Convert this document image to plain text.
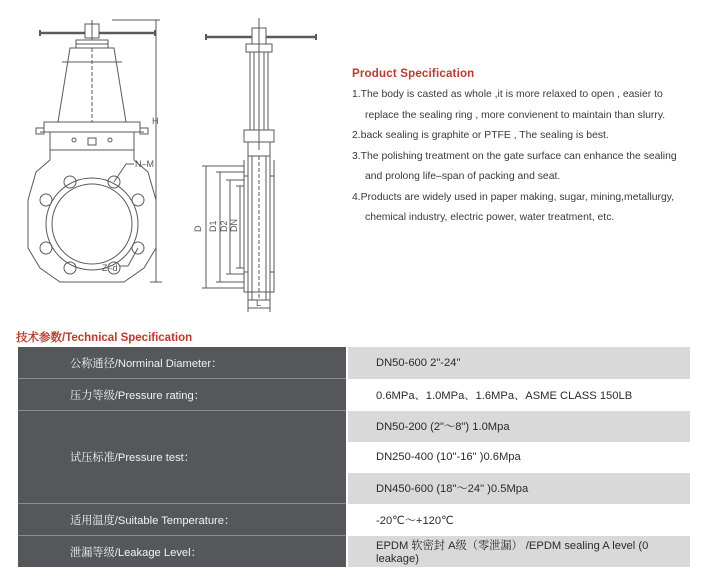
H
N–M
Z–d
D D1 D2 DN
L
Product Specification
1.The body is casted as whole ,it is more relaxed to open , easier to
replace the sealing ring , more convienent to maintain than slurry.
2.back sealing is graphite or PTFE , The sealing is best.
3.The polishing treatment on the gate surface can enhance the sealing
and prolong life–span of packing and seat.
4.Products are widely used in paper making, sugar, mining,metallurgy,
chemical industry, electric power, water treatment, etc.
技术参数/Technical Specification
公称通径/Norminal Diameter：	DN50-600 2"-24"
压力等级/Pressure rating：	0.6MPa、1.0MPa、1.6MPa、ASME CLASS 150LB
试压标准/Pressure test：	DN50-200 (2"～8") 1.0Mpa
	DN250-400 (10"-16" )0.6Mpa
	DN450-600 (18"～24" )0.5Mpa
适用温度/Suitable Temperature：	-20℃～+120℃
泄漏等级/Leakage Level：	EPDM 软密封 A级（零泄漏） /EPDM sealing A level (0 leakage)
